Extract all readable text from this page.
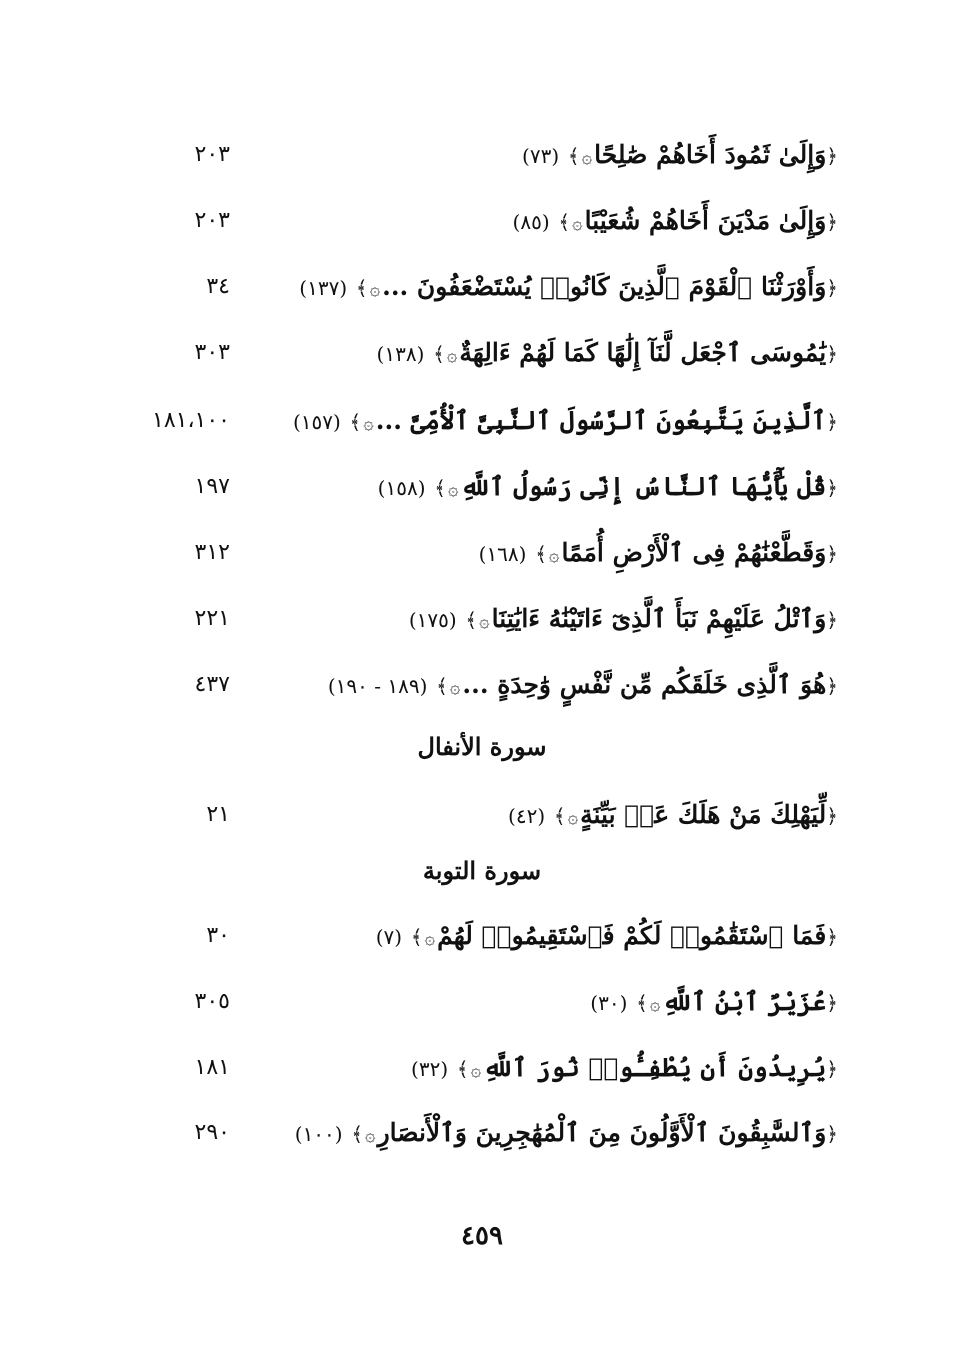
﴿وَإِلَىٰ ثَمُودَ أَخَاهُمْ صَٰلِحًا۞﴾ (٧٣)
٢٠٣
﴿وَإِلَىٰ مَدْيَنَ أَخَاهُمْ شُعَيْبًا۞﴾ (٨٥)
٢٠٣
﴿وَأَوْرَثْنَا ٱلْقَوْمَ ٱلَّذِينَ كَانُوا۟ يُسْتَضْعَفُونَ ...۞﴾ (١٣٧)
٣٤
﴿يَٰمُوسَى ٱجْعَل لَّنَآ إِلَٰهًا كَمَا لَهُمْ ءَالِهَةٌ۞﴾ (١٣٨)
٣٠٣
﴿ٱلَّذِينَ يَتَّبِعُونَ ٱلرَّسُولَ ٱلنَّبِىَّ ٱلْأُمِّىَّ ...۞﴾ (١٥٧)
١٨١،١٠٠
﴿قُلْ يَٰٓأَيُّهَا ٱلنَّاسُ إِنِّى رَسُولُ ٱللَّهِ۞﴾ (١٥٨)
١٩٧
﴿وَقَطَّعْنَٰهُمْ فِى ٱلْأَرْضِ أُمَمًا۞﴾ (١٦٨)
٣١٢
﴿وَٱتْلُ عَلَيْهِمْ نَبَأَ ٱلَّذِىٓ ءَاتَيْنَٰهُ ءَايَٰتِنَا۞﴾ (١٧٥)
٢٢١
﴿هُوَ ٱلَّذِى خَلَقَكُم مِّن نَّفْسٍ وَٰحِدَةٍ ...۞﴾ (١٨٩ - ١٩٠)
٤٣٧
سورة الأنفال
﴿لِّيَهْلِكَ مَنْ هَلَكَ عَنۢ بَيِّنَةٍ۞﴾ (٤٢)
٢١
سورة التوبة
﴿فَمَا ٱسْتَقَٰمُوا۟ لَكُمْ فَٱسْتَقِيمُوا۟ لَهُمْ۞﴾ (٧)
٣٠
﴿عُزَيْرٌ ٱبْنُ ٱللَّهِ۞﴾ (٣٠)
٣٠٥
﴿يُرِيدُونَ أَن يُطْفِـُٔوا۟ نُورَ ٱللَّهِ۞﴾ (٣٢)
١٨١
﴿وَٱلسَّٰبِقُونَ ٱلْأَوَّلُونَ مِنَ ٱلْمُهَٰجِرِينَ وَٱلْأَنصَارِ۞﴾ (١٠٠)
٢٩٠
٤٥٩
